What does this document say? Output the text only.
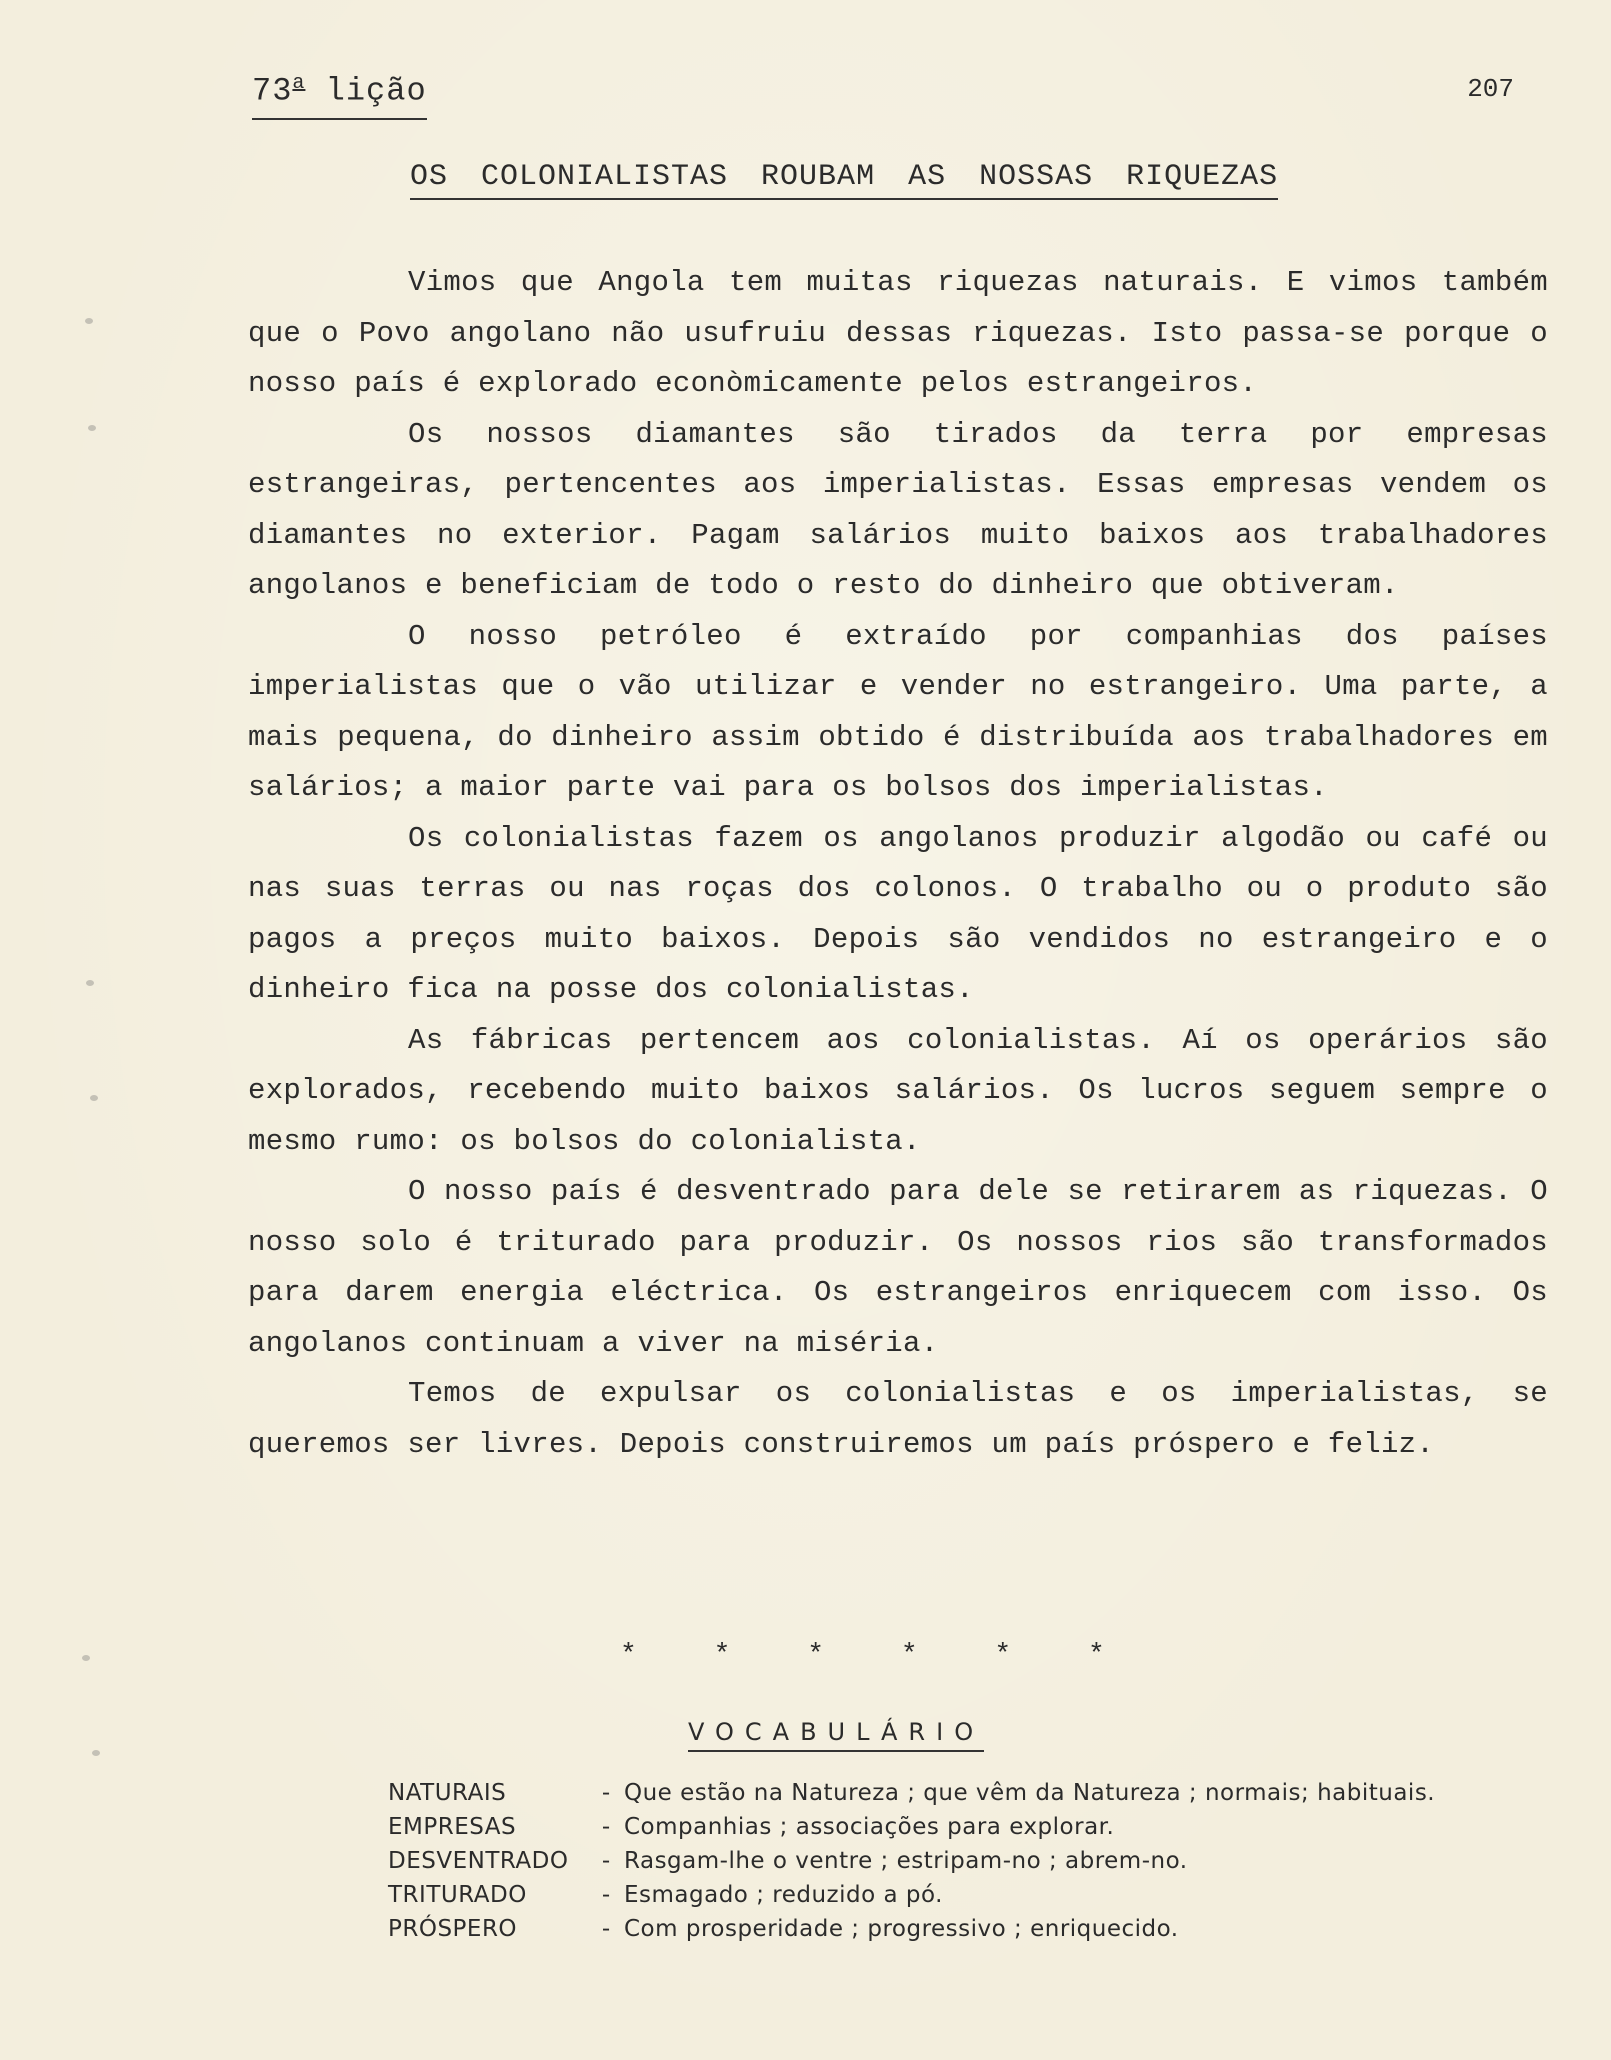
73$^a$ lição	207
OS COLONIALISTAS ROUBAM AS NOSSAS RIQUEZAS

Vimos que Angola tem muitas riquezas naturais. E vimos também que o Povo angolano não usufruiu dessas riquezas. Isto passa-se porque o nosso país é explorado econòmicamente pelos estrangeiros.

Os nossos diamantes são tirados da terra por empresas estrangeiras, pertencentes aos imperialistas. Essas empresas vendem os diamantes no exterior. Pagam salários muito baixos aos trabalhadores angolanos e beneficiam de todo o resto do dinheiro que obtiveram.

O nosso petróleo é extraído por companhias dos países imperialistas que o vão utilizar e vender no estrangeiro. Uma parte, a mais pequena, do dinheiro assim obtido é distribuída aos trabalhadores em salários; a maior parte vai para os bolsos dos imperialistas.

Os colonialistas fazem os angolanos produzir algodão ou café ou nas suas terras ou nas roças dos colonos. O trabalho ou o produto são pagos a preços muito baixos. Depois são vendidos no estrangeiro e o dinheiro fica na posse dos colonialistas.

As fábricas pertencem aos colonialistas. Aí os operários são explorados, recebendo muito baixos salários. Os lucros seguem sempre o mesmo rumo: os bolsos do colonialista.

O nosso país é desventrado para dele se retirarem as riquezas. O nosso solo é triturado para produzir. Os nossos rios são transformados para darem energia eléctrica. Os estrangeiros enriquecem com isso. Os angolanos continuam a viver na miséria.

Temos de expulsar os colonialistas e os imperialistas, se queremos ser livres. Depois construiremos um país próspero e feliz.

* * * * * *
VOCABULÁRIO
NATURAIS	- Que estão na Natureza ; que vêm da Natureza ; normais; habituais.
EMPRESAS	- Companhias ; associações para explorar.
DESVENTRADO	- Rasgam-lhe o ventre ; estripam-no ; abrem-no.
TRITURADO	- Esmagado ; reduzido a pó.
PRÓSPERO	- Com prosperidade ; progressivo ; enriquecido.
